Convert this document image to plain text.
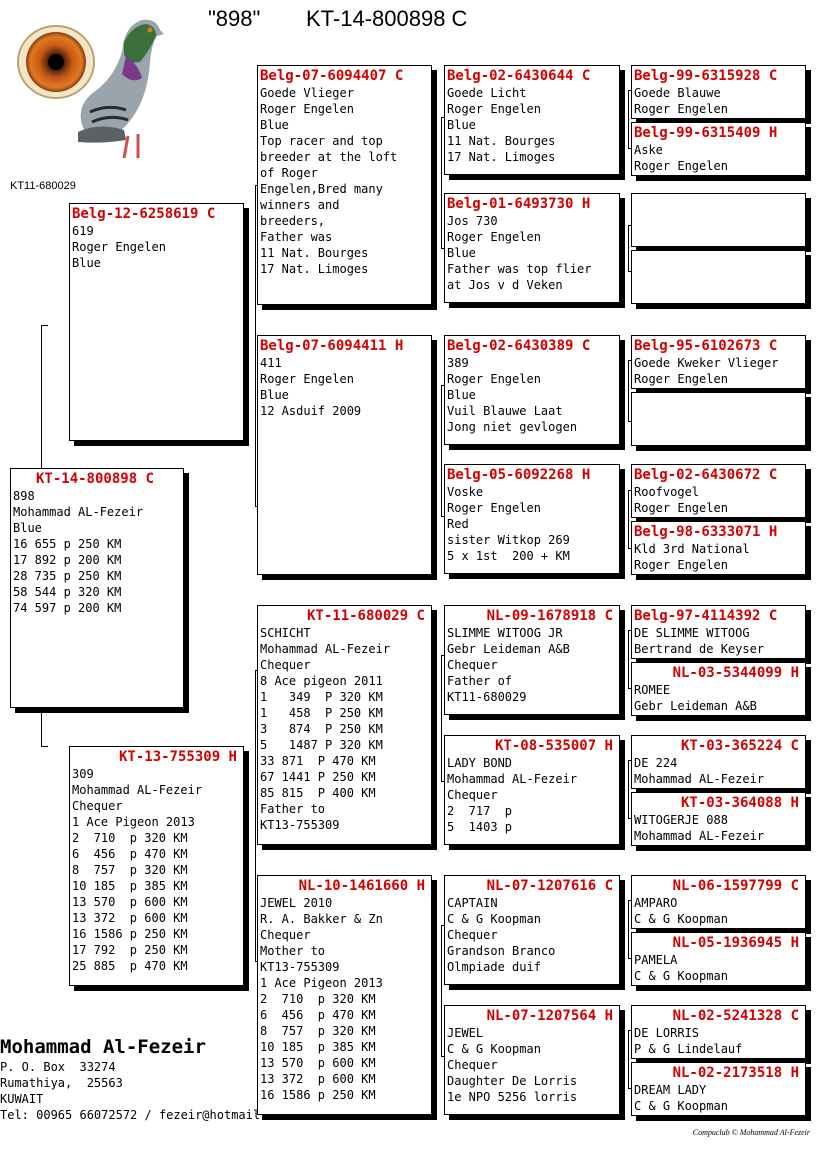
"898" KT-14-800898 C
KT11-680029
KT-14-800898 C
898
Mohammad AL-Fezeir
Blue
16 655 p 250 KM
17 892 p 200 KM
28 735 p 250 KM
58 544 p 320 KM
74 597 p 200 KM
Belg-12-6258619 C
619
Roger Engelen
Blue
KT-13-755309 H
309
Mohammad AL-Fezeir
Chequer
1 Ace Pigeon 2013
2  710  p 320 KM
6  456  p 470 KM
8  757  p 320 KM
10 185  p 385 KM
13 570  p 600 KM
13 372  p 600 KM
16 1586 p 250 KM
17 792  p 250 KM
25 885  p 470 KM
Belg-07-6094407 C
Goede Vlieger
Roger Engelen
Blue
Top racer and top
breeder at the loft
of Roger
Engelen,Bred many
winners and
breeders,
Father was
11 Nat. Bourges
17 Nat. Limoges
Belg-07-6094411 H
411
Roger Engelen
Blue
12 Asduif 2009
KT-11-680029 C
SCHICHT
Mohammad AL-Fezeir
Chequer
8 Ace pigeon 2011
1   349  P 320 KM
1   458  P 250 KM
3   874  P 250 KM
5   1487 P 320 KM
33 871  P 470 KM
67 1441 P 250 KM
85 815  P 400 KM
Father to
KT13-755309
NL-10-1461660 H
JEWEL 2010
R. A. Bakker & Zn
Chequer
Mother to
KT13-755309
1 Ace Pigeon 2013
2  710  p 320 KM
6  456  p 470 KM
8  757  p 320 KM
10 185  p 385 KM
13 570  p 600 KM
13 372  p 600 KM
16 1586 p 250 KM
Belg-02-6430644 C
Goede Licht
Roger Engelen
Blue
11 Nat. Bourges
17 Nat. Limoges
Belg-01-6493730 H
Jos 730
Roger Engelen
Blue
Father was top flier
at Jos v d Veken
Belg-02-6430389 C
389
Roger Engelen
Blue
Vuil Blauwe Laat
Jong niet gevlogen
Belg-05-6092268 H
Voske
Roger Engelen
Red
sister Witkop 269
5 x 1st  200 + KM
NL-09-1678918 C
SLIMME WITOOG JR
Gebr Leideman A&B
Chequer
Father of
KT11-680029
KT-08-535007 H
LADY BOND
Mohammad AL-Fezeir
Chequer
2  717  p
5  1403 p
NL-07-1207616 C
CAPTAIN
C & G Koopman
Chequer
Grandson Branco
Olmpiade duif
NL-07-1207564 H
JEWEL
C & G Koopman
Chequer
Daughter De Lorris
1e NPO 5256 lorris
Belg-99-6315928 C
Goede Blauwe
Roger Engelen
Belg-99-6315409 H
Aske
Roger Engelen
Belg-95-6102673 C
Goede Kweker Vlieger
Roger Engelen
Belg-02-6430672 C
Roofvogel
Roger Engelen
Belg-98-6333071 H
Kld 3rd National
Roger Engelen
Belg-97-4114392 C
DE SLIMME WITOOG
Bertrand de Keyser
NL-03-5344099 H
ROMEE
Gebr Leideman A&B
KT-03-365224 C
DE 224
Mohammad AL-Fezeir
KT-03-364088 H
WITOGERJE 088
Mohammad AL-Fezeir
NL-06-1597799 C
AMPARO
C & G Koopman
NL-05-1936945 H
PAMELA
C & G Koopman
NL-02-5241328 C
DE LORRIS
P & G Lindelauf
NL-02-2173518 H
DREAM LADY
C & G Koopman
Mohammad Al-Fezeir
P. O. Box  33274
Rumathiya,  25563
KUWAIT
Tel: 00965 66072572 / fezeir@hotmail.
Compuclub © Mohammad Al-Fezeir
